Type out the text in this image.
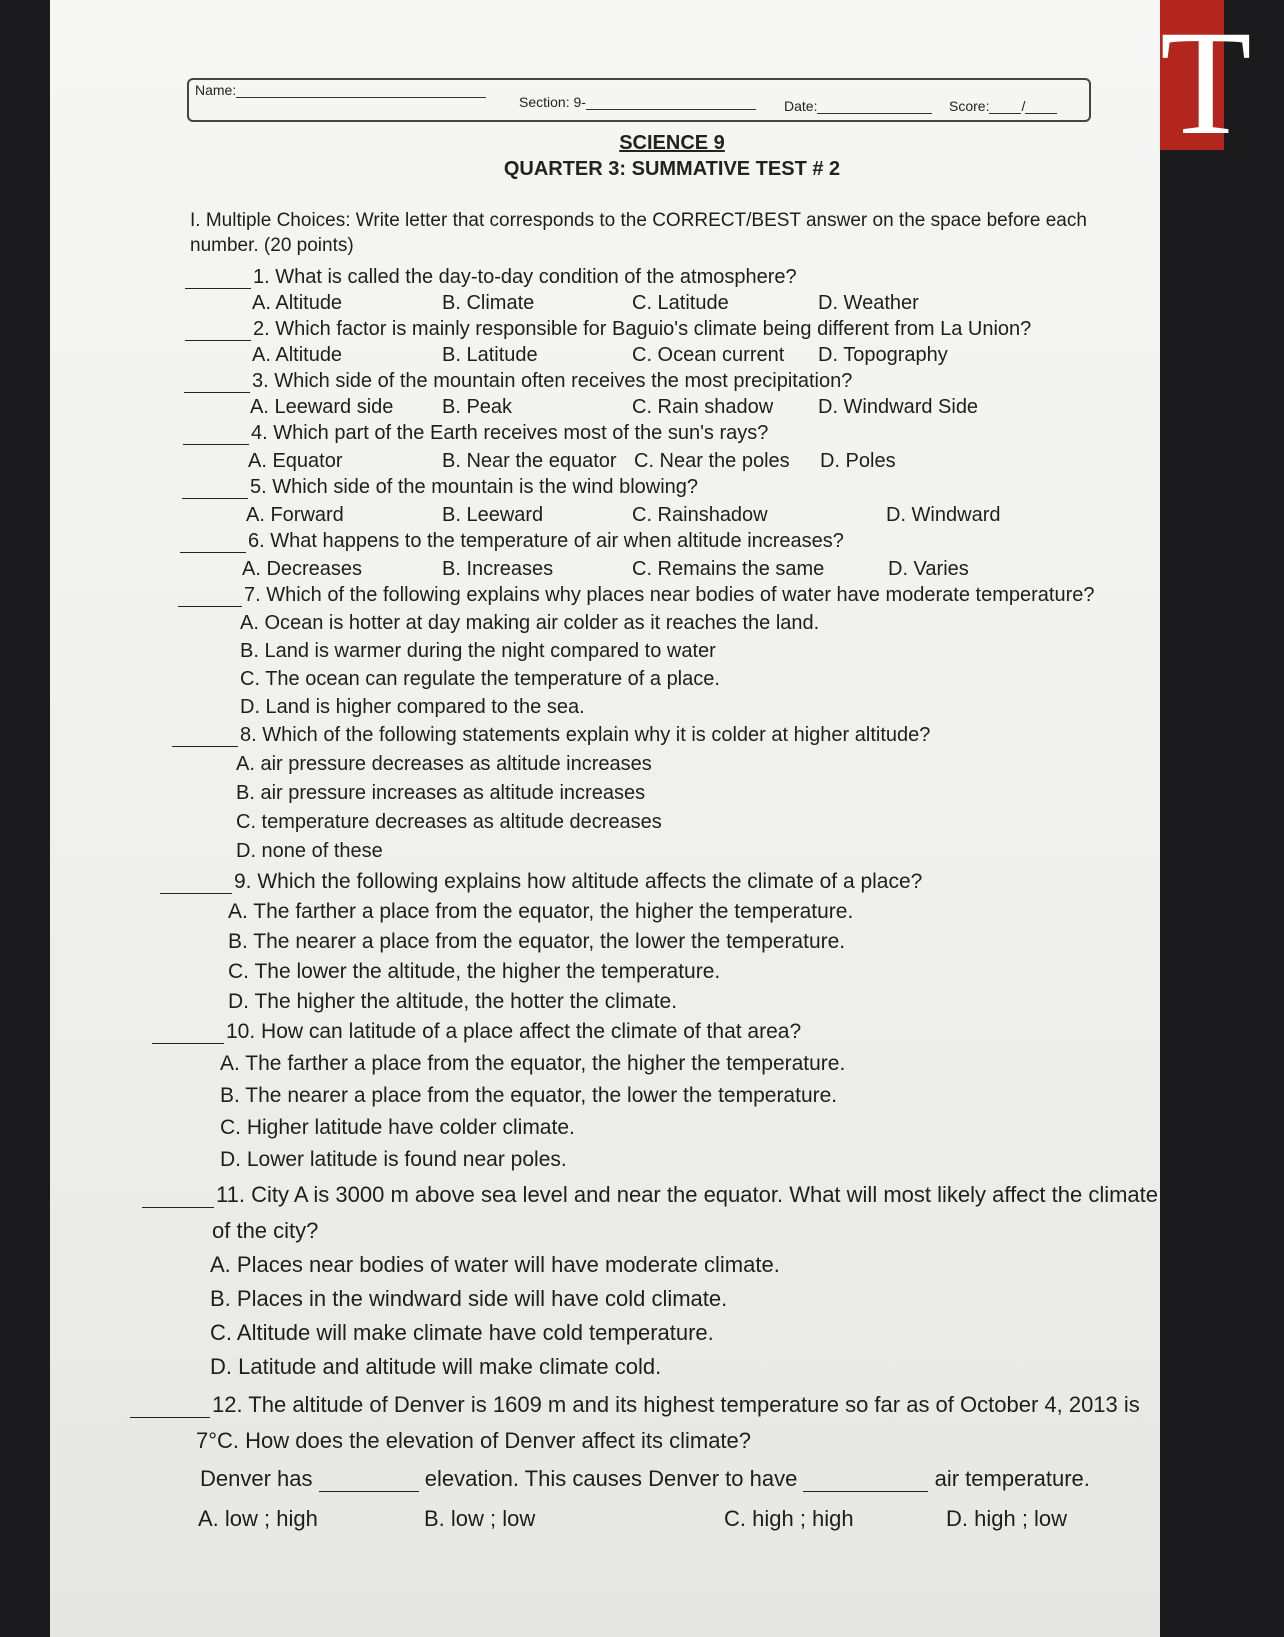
T
Name:
Section: 9-	Date:	Score: /
SCIENCE 9
QUARTER 3: SUMMATIVE TEST # 2
I. Multiple Choices: Write letter that corresponds to the CORRECT/BEST answer on the space before each
number. (20 points)
1. What is called the day-to-day condition of the atmosphere?
A. Altitude	B. Climate	C. Latitude	D. Weather
2. Which factor is mainly responsible for Baguio's climate being different from La Union?
A. Altitude	B. Latitude	C. Ocean current D. Topography
3. Which side of the mountain often receives the most precipitation?
A. Leeward side B. Peak	C. Rain shadow D. Windward Side
4. Which part of the Earth receives most of the sun's rays?
A. Equator	B. Near the equator C. Near the poles D. Poles
5. Which side of the mountain is the wind blowing?
A. Forward	B. Leeward	C. Rainshadow	D. Windward
6. What happens to the temperature of air when altitude increases?
A. Decreases	B. Increases	C. Remains the same	D. Varies
7. Which of the following explains why places near bodies of water have moderate temperature?
A. Ocean is hotter at day making air colder as it reaches the land.
B. Land is warmer during the night compared to water
C. The ocean can regulate the temperature of a place.
D. Land is higher compared to the sea.
8. Which of the following statements explain why it is colder at higher altitude?
A. air pressure decreases as altitude increases
B. air pressure increases as altitude increases
C. temperature decreases as altitude decreases
D. none of these
9. Which the following explains how altitude affects the climate of a place?
A. The farther a place from the equator, the higher the temperature.
B. The nearer a place from the equator, the lower the temperature.
C. The lower the altitude, the higher the temperature.
D. The higher the altitude, the hotter the climate.
10. How can latitude of a place affect the climate of that area?
A. The farther a place from the equator, the higher the temperature.
B. The nearer a place from the equator, the lower the temperature.
C. Higher latitude have colder climate.
D. Lower latitude is found near poles.
11. City A is 3000 m above sea level and near the equator. What will most likely affect the climate
of the city?
A. Places near bodies of water will have moderate climate.
B. Places in the windward side will have cold climate.
C. Altitude will make climate have cold temperature.
D. Latitude and altitude will make climate cold.
12. The altitude of Denver is 1609 m and its highest temperature so far as of October 4, 2013 is
7°C. How does the elevation of Denver affect its climate?
Denver has	elevation. This causes Denver to have	air temperature.
A. low ; high	B. low ; low	C. high ; high	D. high ; low
